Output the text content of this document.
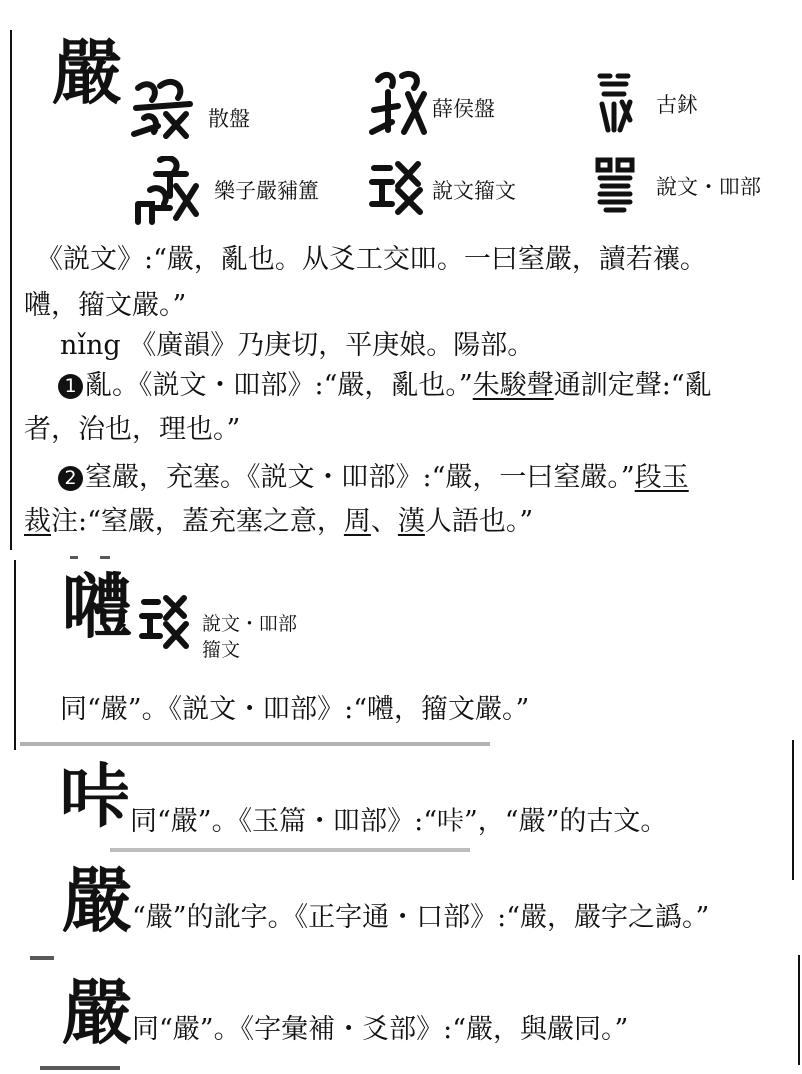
嚴
散盤	薛侯盤	古鉥
樂子嚴豧簠	說文籀文	說文・吅部
《説文》:“嚴，亂也。从爻工交吅。一曰窒嚴，讀若禳。
𡅏，籀文嚴。”
nǐng 《廣韻》乃庚切，平庚娘。陽部。
1 亂。《説文・吅部》:“嚴，亂也。”朱駿聲通訓定聲:“亂
者，治也，理也。”
2 窒嚴，充塞。《説文・吅部》:“嚴，一曰窒嚴。”段玉
裁注:“窒嚴，蓋充塞之意，周、漢人語也。”
𡅏	說文・吅部
籀文
同“嚴”。《説文・吅部》:“𡅏，籀文嚴。”
𠱚 同“嚴”。《玉篇・吅部》:“𠱚”，“嚴”的古文。
嚴 “嚴”的訛字。《正字通・口部》:“嚴，嚴字之譌。”
嚴 同“嚴”。《字彙補・爻部》:“嚴，與嚴同。”
